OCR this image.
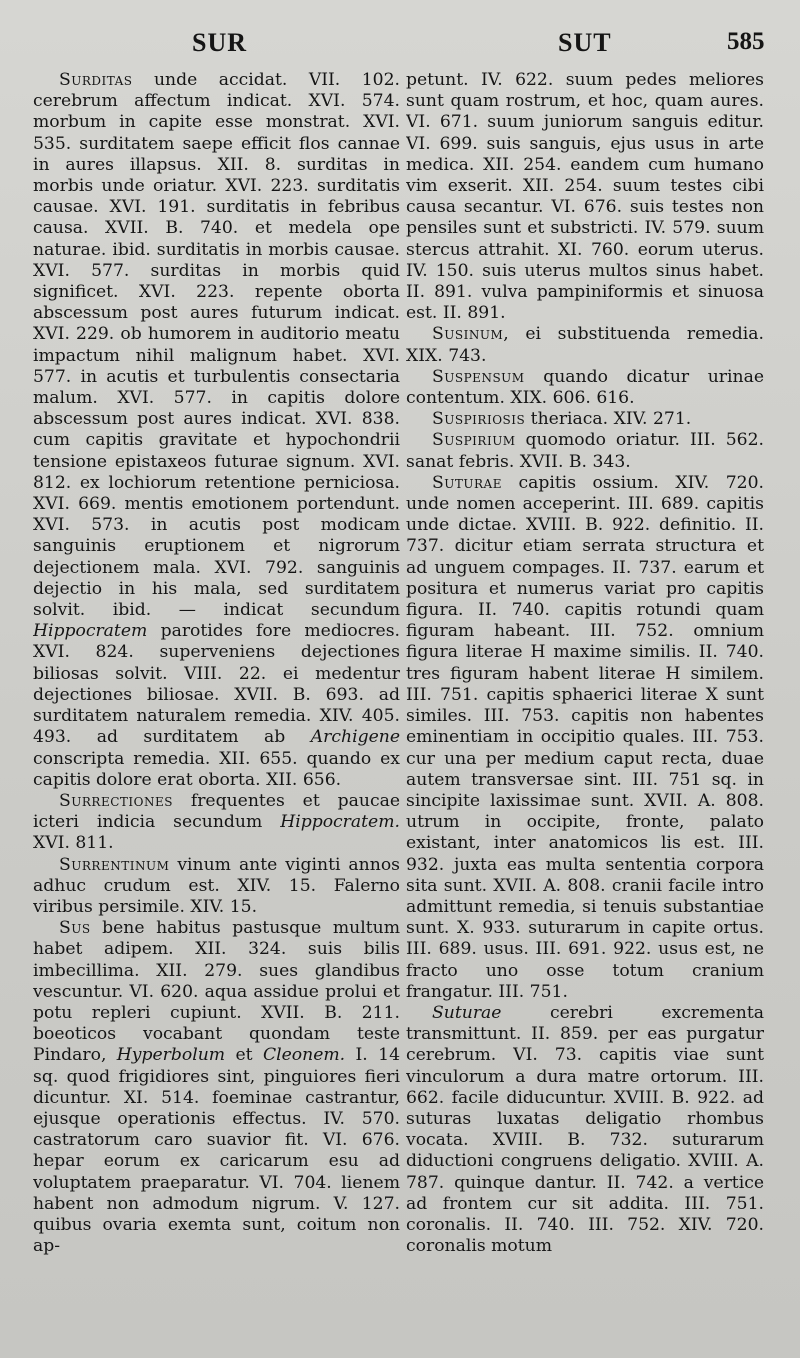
SUR	SUT	585

Surditas unde accidat. VII. 102. cerebrum affectum indicat. XVI. 574. morbum in capite esse monstrat. XVI. 535. surditatem saepe efficit flos cannae in aures illapsus. XII. 8. surditas in morbis unde oriatur. XVI. 223. surditatis causae. XVI. 191. surditatis in febribus causa. XVII. B. 740. et medela ope naturae. ibid. surditatis in morbis causae. XVI. 577. surditas in morbis quid significet. XVI. 223. repente oborta abscessum post aures futurum indicat. XVI. 229. ob humorem in auditorio meatu impactum nihil malignum habet. XVI. 577. in acutis et turbulentis consectaria malum. XVI. 577. in capitis dolore abscessum post aures indicat. XVI. 838. cum capitis gravitate et hypochondrii tensione epistaxeos futurae signum. XVI. 812. ex lochiorum retentione perniciosa. XVI. 669. mentis emotionem portendunt. XVI. 573. in acutis post modicam sanguinis eruptionem et nigrorum dejectionem mala. XVI. 792. sanguinis dejectio in his mala, sed surditatem solvit. ibid. — indicat secundum Hippocratem parotides fore mediocres. XVI. 824. superveniens dejectiones biliosas solvit. VIII. 22. ei medentur dejectiones biliosae. XVII. B. 693. ad surditatem naturalem remedia. XIV. 405. 493. ad surditatem ab Archigene conscripta remedia. XII. 655. quando ex capitis dolore erat oborta. XII. 656.

Surrectiones frequentes et paucae icteri indicia secundum Hippocratem. XVI. 811.

Surrentinum vinum ante viginti annos adhuc crudum est. XIV. 15. Falerno viribus persimile. XIV. 15.

Sus bene habitus pastusque multum habet adipem. XII. 324. suis bilis imbecillima. XII. 279. sues glandibus vescuntur. VI. 620. aqua assidue prolui et potu repleri cupiunt. XVII. B. 211. boeoticos vocabant quondam teste Pindaro, Hyperbolum et Cleonem. I. 14 sq. quod frigidiores sint, pinguiores fieri dicuntur. XI. 514. foeminae castrantur, ejusque operationis effectus. IV. 570. castratorum caro suavior fit. VI. 676. hepar eorum ex caricarum esu ad voluptatem praeparatur. VI. 704. lienem habent non admodum nigrum. V. 127. quibus ovaria exemta sunt, coitum non ap-

petunt. IV. 622. suum pedes meliores sunt quam rostrum, et hoc, quam aures. VI. 671. suum juniorum sanguis editur. VI. 699. suis sanguis, ejus usus in arte medica. XII. 254. eandem cum humano vim exserit. XII. 254. suum testes cibi causa secantur. VI. 676. suis testes non pensiles sunt et substricti. IV. 579. suum stercus attrahit. XI. 760. eorum uterus. IV. 150. suis uterus multos sinus habet. II. 891. vulva pampiniformis et sinuosa est. II. 891.

Susinum, ei substituenda remedia. XIX. 743.

Suspensum quando dicatur urinae contentum. XIX. 606. 616.

Suspiriosis theriaca. XIV. 271.

Suspirium quomodo oriatur. III. 562. sanat febris. XVII. B. 343.

Suturae capitis ossium. XIV. 720. unde nomen acceperint. III. 689. capitis unde dictae. XVIII. B. 922. definitio. II. 737. dicitur etiam serrata structura et ad unguem compages. II. 737. earum et positura et numerus variat pro capitis figura. II. 740. capitis rotundi quam figuram habeant. III. 752. omnium figura literae H maxime similis. II. 740. tres figuram habent literae H similem. III. 751. capitis sphaerici literae X sunt similes. III. 753. capitis non habentes eminentiam in occipitio quales. III. 753. cur una per medium caput recta, duae autem transversae sint. III. 751 sq. in sincipite laxissimae sunt. XVII. A. 808. utrum in occipite, fronte, palato existant, inter anatomicos lis est. III. 932. juxta eas multa sententia corpora sita sunt. XVII. A. 808. cranii facile intro admittunt remedia, si tenuis substantiae sunt. X. 933. suturarum in capite ortus. III. 689. usus. III. 691. 922. usus est, ne fracto uno osse totum cranium frangatur. III. 751.

Suturae cerebri excrementa transmittunt. II. 859. per eas purgatur cerebrum. VI. 73. capitis viae sunt vinculorum a dura matre ortorum. III. 662. facile diducuntur. XVIII. B. 922. ad suturas luxatas deligatio rhombus vocata. XVIII. B. 732. suturarum diductioni congruens deligatio. XVIII. A. 787. quinque dantur. II. 742. a vertice ad frontem cur sit addita. III. 751. coronalis. II. 740. III. 752. XIV. 720. coronalis motum
